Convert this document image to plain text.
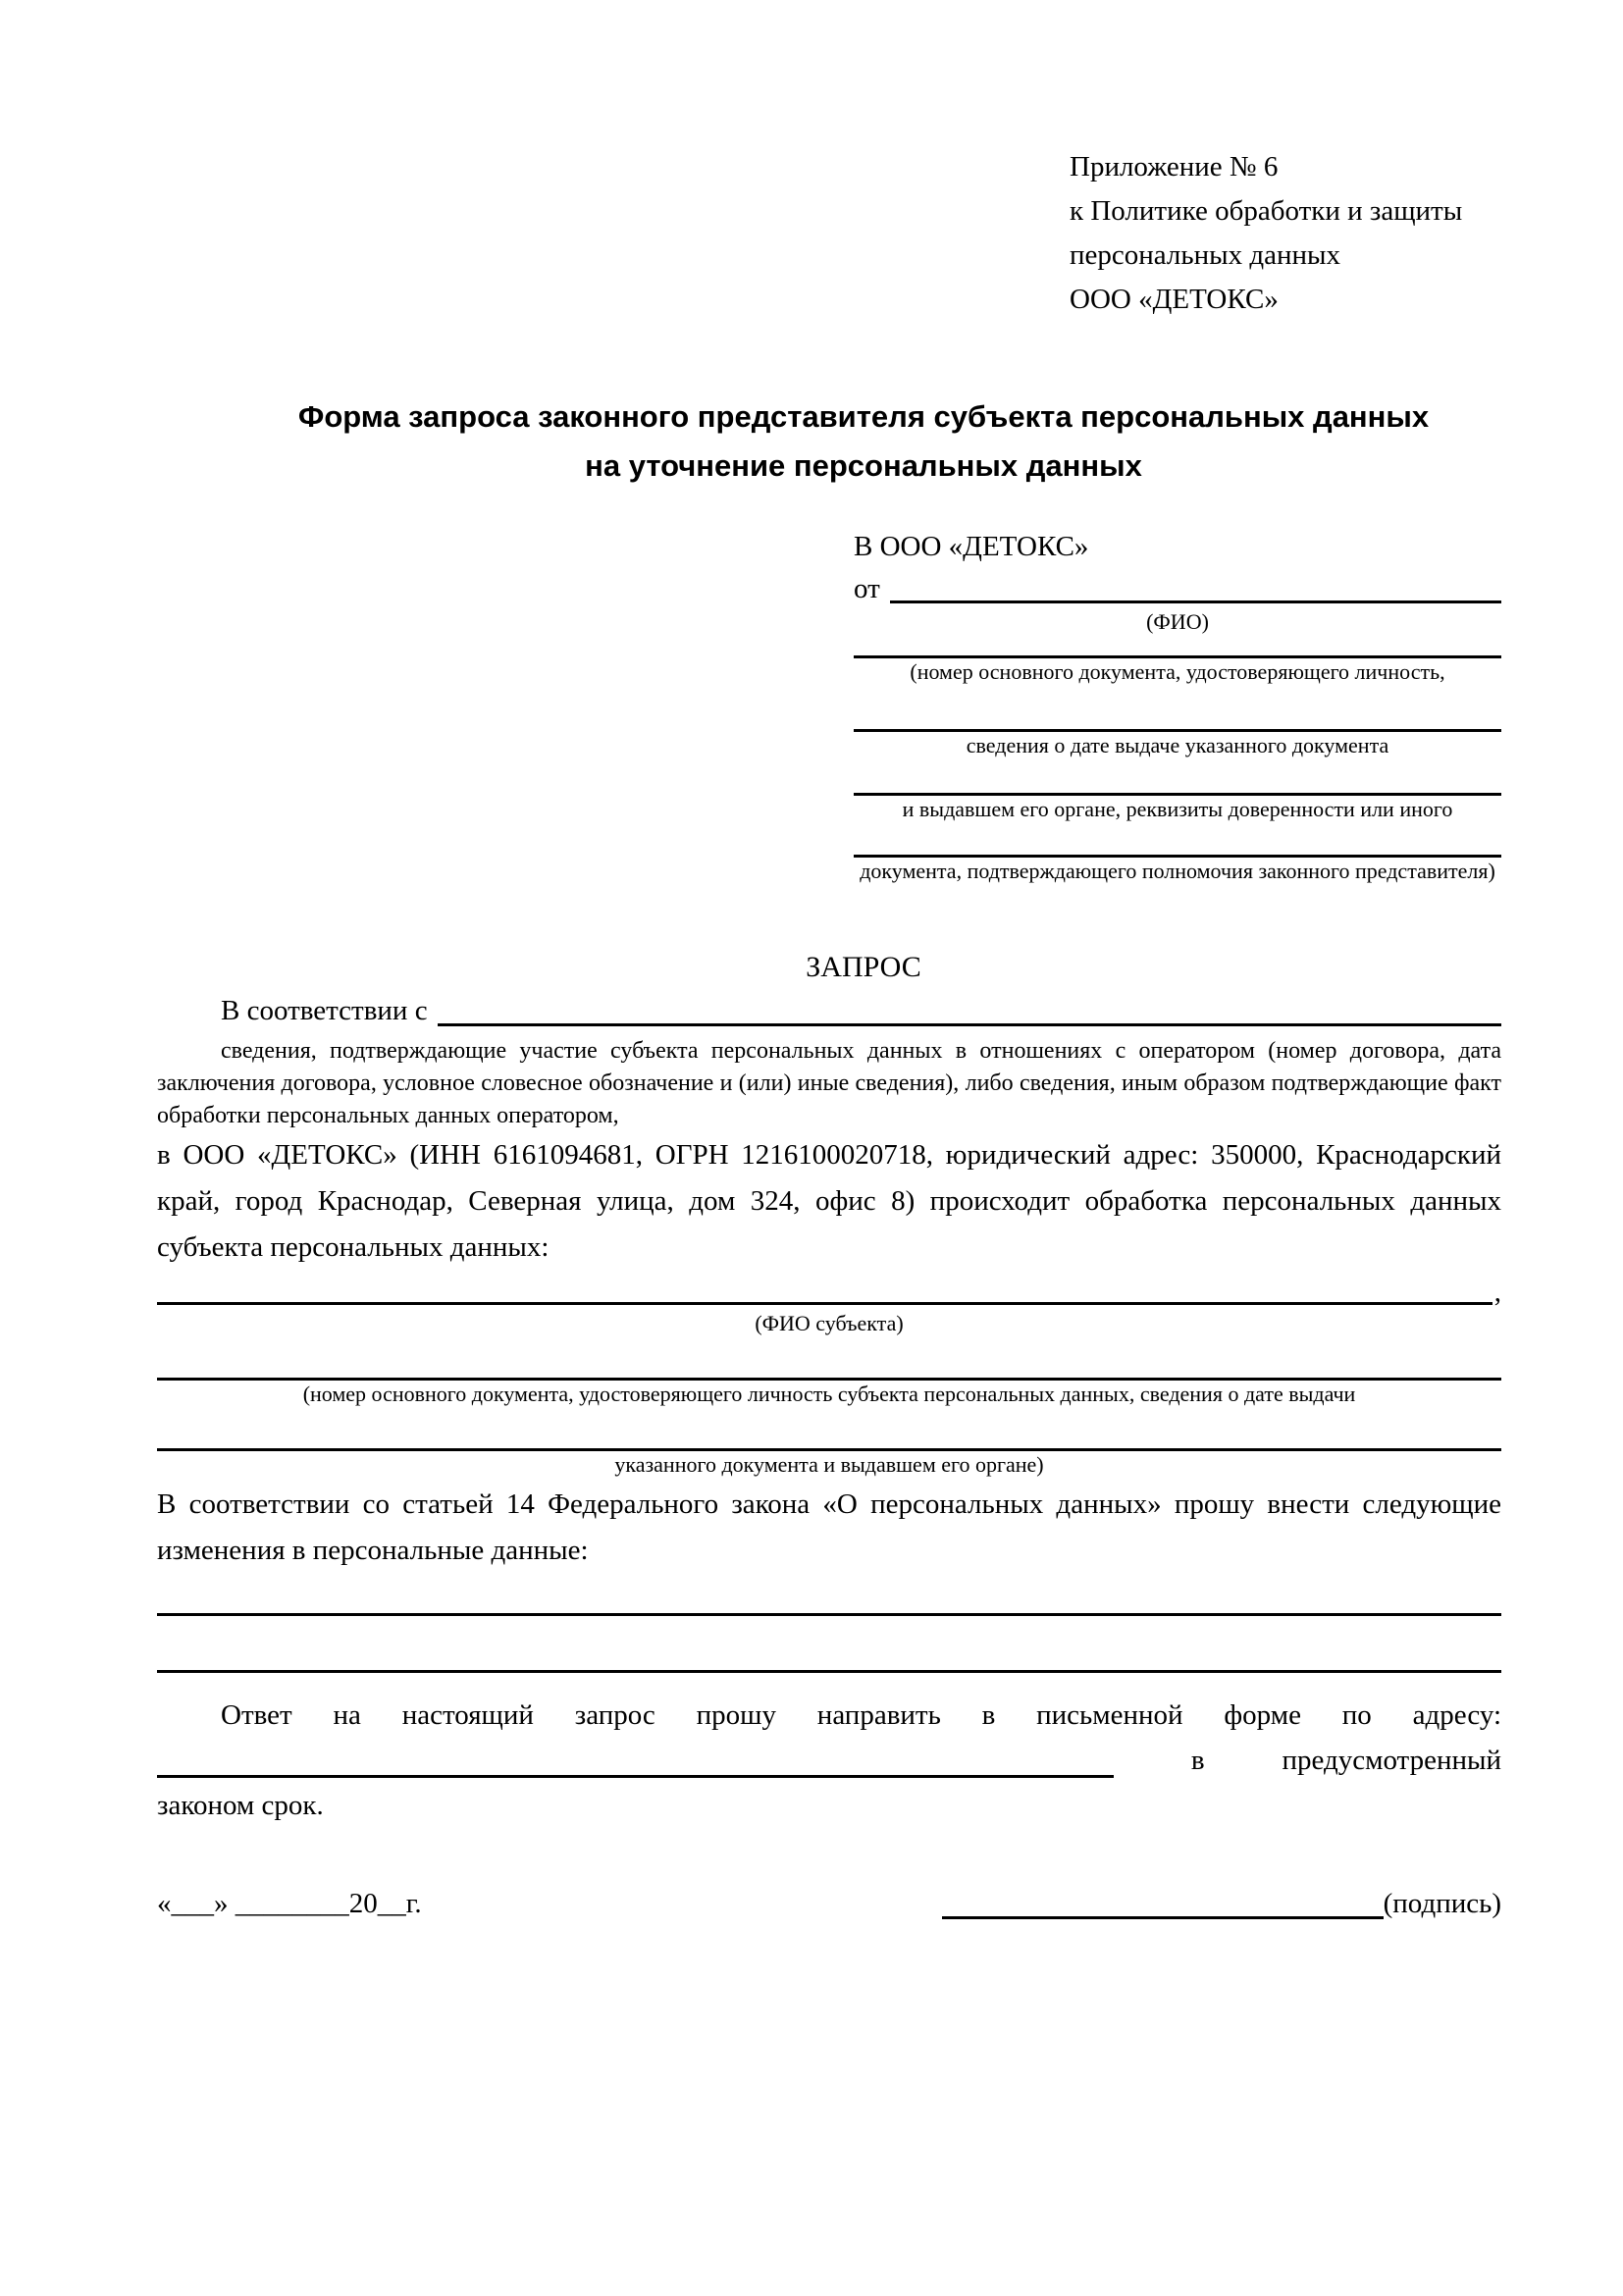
Приложение № 6
к Политике обработки и защиты
персональных данных
ООО «ДЕТОКС»
Форма запроса законного представителя субъекта персональных данных
на уточнение персональных данных
В ООО «ДЕТОКС»
от
(ФИО)
(номер основного документа, удостоверяющего личность,
сведения о дате выдаче указанного документа
и выдавшем его органе, реквизиты доверенности или иного
документа, подтверждающего полномочия законного представителя)
ЗАПРОС
В соответствии с
сведения, подтверждающие участие субъекта персональных данных в отношениях с оператором (номер договора, дата заключения договора, условное словесное обозначение и (или) иные сведения), либо сведения, иным образом подтверждающие факт обработки персональных данных оператором,
в ООО «ДЕТОКС» (ИНН 6161094681, ОГРН 1216100020718, юридический адрес: 350000, Краснодарский край, город Краснодар, Северная улица, дом 324, офис 8) происходит обработка персональных данных субъекта персональных данных:
,
(ФИО субъекта)
(номер основного документа, удостоверяющего личность субъекта персональных данных, сведения о дате выдачи
указанного документа и выдавшем его органе)
В соответствии со статьей 14 Федерального закона «О персональных данных» прошу внести следующие изменения в персональные данные:
Ответ на настоящий запрос прошу направить в письменной форме по адресу:
в	предусмотренный
законом срок.
«___» ________20__г.	(подпись)
